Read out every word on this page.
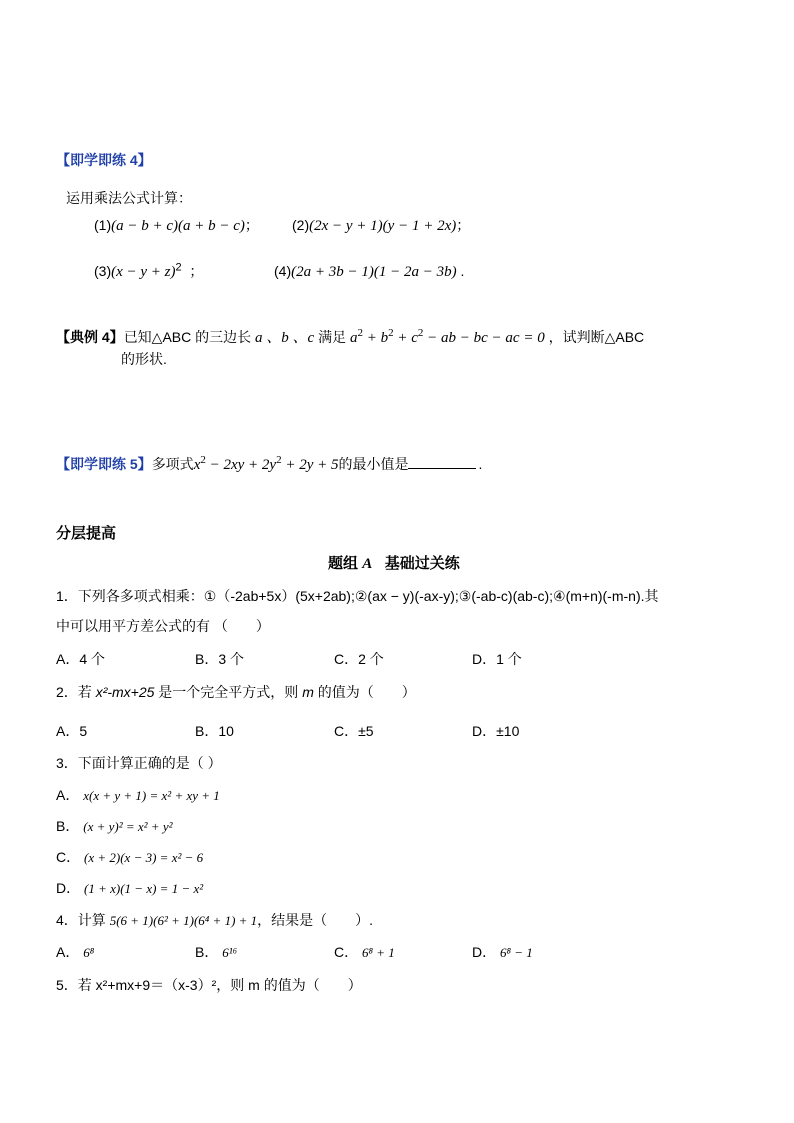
【即学即练 4】
运用乘法公式计算：
(1)(a − b + c)(a + b − c)； (2)(2x − y + 1)(y − 1 + 2x)；
$(3)(x - y + z)^2$ ；	(4)(2a + 3b − 1)(1 − 2a − 3b) .
【典例 4】已知△ABC 的三边长 a 、b 、c 满足 $a^2 + b^2 + c^2$ − ab − bc − ac = 0 ，试判断△ABC
的形状.
【即学即练 5】多项式$x^2 - 2xy + 2y^2 + 2y + 5$的最小值是	.
分层提高
题组 A 基础过关练
1．下列各多项式相乘：①（-2ab+5x）(5x+2ab);②(ax − y)(-ax-y);③(-ab-c)(ab-c);④(m+n)(-m-n).其
中可以用平方差公式的有 （　　）
A．4 个	B．3 个	C．2 个	D．1 个
2．若 x²-mx+25 是一个完全平方式，则 m 的值为（　　）
A．5	B．10	C．±5	D．±10
3．下面计算正确的是（ ）
A． x(x + y + 1) = x² + xy + 1
B． (x + y)² = x² + y²
C． (x + 2)(x − 3) = x² − 6
D． (1 + x)(1 − x) = 1 − x²
4．计算 5(6 + 1)(6² + 1)(6⁴ + 1) + 1，结果是（　　）.
A． 6⁸	B． 6¹⁶	C． 6⁸ + 1	D． 6⁸ − 1
5．若 x²+mx+9＝（x-3）²，则 m 的值为（　　）
